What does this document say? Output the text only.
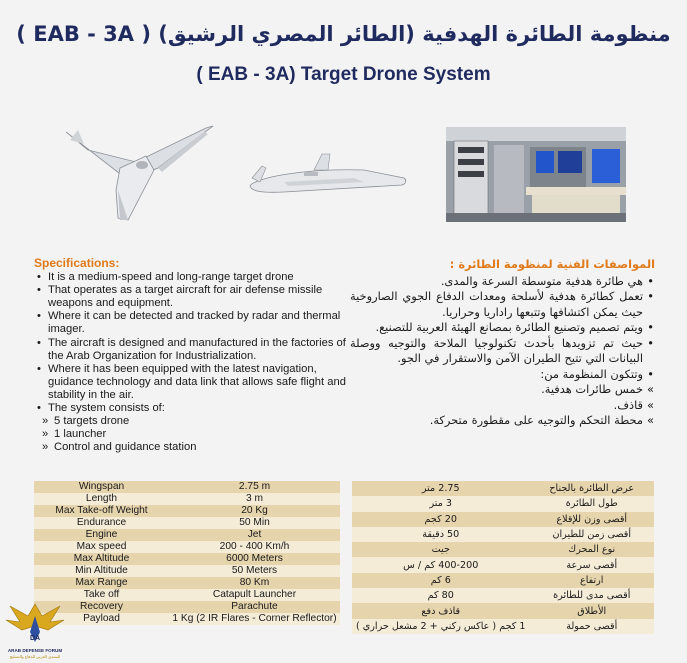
منظومة الطائرة الهدفية (الطائر المصري الرشيق) ( EAB - 3A )
( EAB - 3A) Target Drone System
Specifications:
• It is a medium-speed and long-range target drone
• That operates as a target aircraft for air defense missile weapons and equipment.
• Where it can be detected and tracked by radar and thermal imager.
• The aircraft is designed and manufactured in the factories of the Arab Organization for Industrialization.
• Where it has been equipped with the latest navigation, guidance technology and data link that allows safe flight and stability in the air.
• The system consists of:
» 5 targets drone
» 1 launcher
» Control and guidance station
المواصفات الفنية لمنظومة الطائرة :
• هي طائرة هدفية متوسطة السرعة والمدى.
• تعمل كطائرة هدفية لأسلحة ومعدات الدفاع الجوي الصاروخية حيث يمكن اكتشافها وتتبعها راداريا وحراريا.
• ويتم تصميم وتصنيع الطائرة بمصانع الهيئة العربية للتصنيع.
• حيث تم تزويدها بأحدث تكنولوجيا الملاحة والتوجيه ووصلة البيانات التي تتيح الطيران الآمن والاستقرار في الجو.
• وتتكون المنظومة من:
» خمس طائرات هدفية.
» قاذف.
» محطة التحكم والتوجيه على مقطورة متحركة.
Wingspan	2.75 m
Length	3 m
Max Take-off Weight	20 Kg
Endurance	50 Min
Engine	Jet
Max speed	200 - 400 Km/h
Max Altitude	6000 Meters
Min Altitude	50 Meters
Max Range	80 Km
Take off	Catapult Launcher
Recovery	Parachute
Payload	1 Kg (2 IR Flares - Corner Reflector)
عرض الطائرة بالجناح	2.75 متر
طول الطائرة	3 متر
أقصى وزن للإقلاع	20 كجم
أقصى زمن للطيران	50 دقيقة
نوع المحرك	جيت
أقصى سرعة	400-200 كم / س
ارتفاع	6 كم
أقصى مدى للطائرة	80 كم
الأطلاق	قاذف دفع
أقصى حمولة	1 كجم ( عاكس ركني + 2 مشعل حراري )
DA
ARAB DEFENSE FORUM
المنتدى العربي للدفاع والتسليح
